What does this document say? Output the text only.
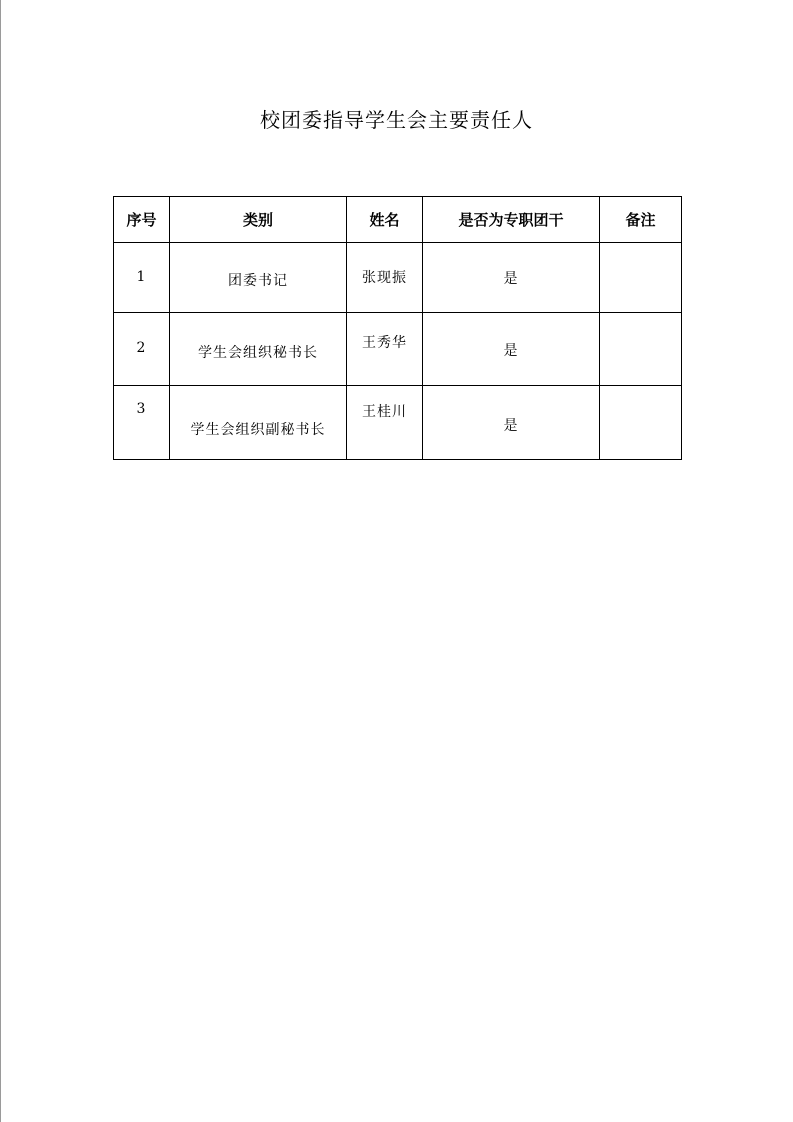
校团委指导学生会主要责任人
序号	类别	姓名	是否为专职团干	备注

1	团委书记	张现振	是	

2	学生会组织秘书长	王秀华	是	

3	学生会组织副秘书长	王桂川	是	
